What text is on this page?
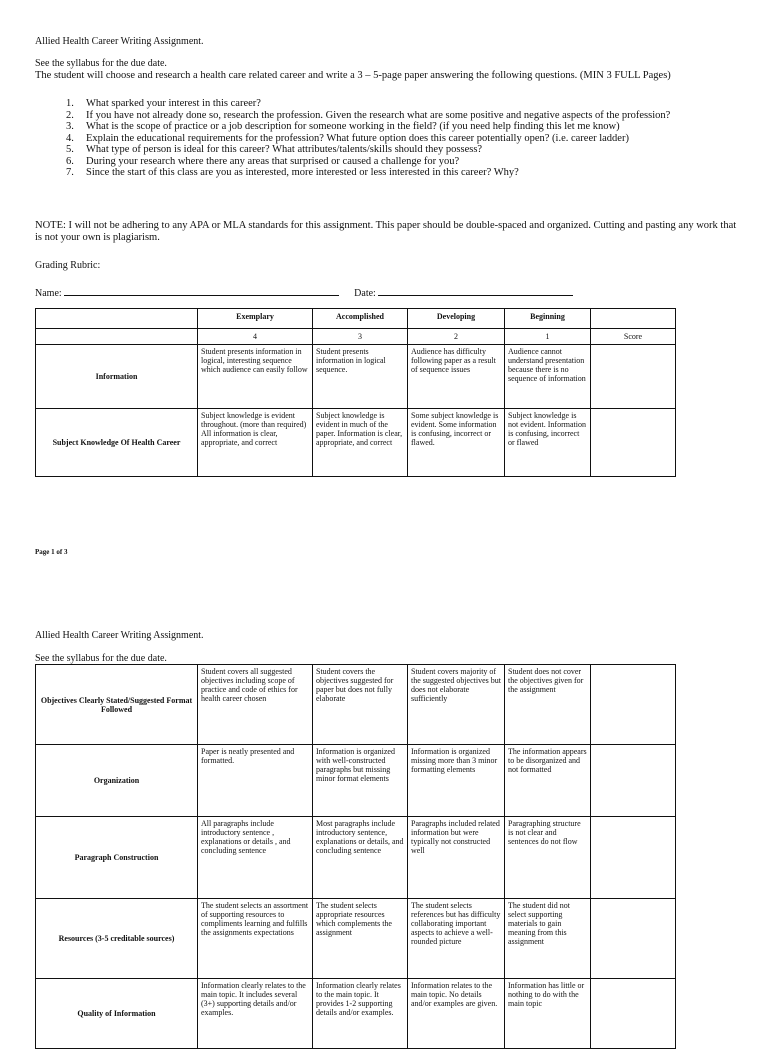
Allied Health Career Writing Assignment.
See the syllabus for the due date.
The student will choose and research a health care related career and write a 3 – 5-page paper answering the following questions. (MIN 3 FULL Pages)
1. What sparked your interest in this career?
2. If you have not already done so, research the profession. Given the research what are some positive and negative aspects of the profession?
3. What is the scope of practice or a job description for someone working in the field? (if you need help finding this let me know)
4. Explain the educational requirements for the profession? What future option does this career potentially open? (i.e. career ladder)
5. What type of person is ideal for this career? What attributes/talents/skills should they possess?
6. During your research where there any areas that surprised or caused a challenge for you?
7. Since the start of this class are you as interested, more interested or less interested in this career? Why?
NOTE: I will not be adhering to any APA or MLA standards for this assignment. This paper should be double-spaced and organized. Cutting and pasting any work that is not your own is plagiarism.
Grading Rubric:
Name:	Date:
	Exemplary	Accomplished	Developing	Beginning	
	4	3	2	1	Score
Information	Student presents information in logical, interesting sequence which audience can easily follow	Student presents information in logical sequence.	Audience has difficulty following paper as a result of sequence issues	Audience cannot understand presentation because there is no sequence of information	
Subject Knowledge Of Health Career	Subject knowledge is evident throughout. (more than required) All information is clear, appropriate, and correct	Subject knowledge is evident in much of the paper. Information is clear, appropriate, and correct	Some subject knowledge is evident. Some information is confusing, incorrect or flawed.	Subject knowledge is not evident. Information is confusing, incorrect or flawed	
Page 1 of 3
Allied Health Career Writing Assignment.
See the syllabus for the due date.
Objectives Clearly Stated/Suggested Format Followed	Student covers all suggested objectives including scope of practice and code of ethics for health career chosen	Student covers the objectives suggested for paper but does not fully elaborate	Student covers majority of the suggested objectives but does not elaborate sufficiently	Student does not cover the objectives given for the assignment	
Organization	Paper is neatly presented and formatted.	Information is organized with well-constructed paragraphs but missing minor format elements	Information is organized missing more than 3 minor formatting elements	The information appears to be disorganized and not formatted	
Paragraph Construction	All paragraphs include introductory sentence , explanations or details , and concluding sentence	Most paragraphs include introductory sentence, explanations or details, and concluding sentence	Paragraphs included related information but were typically not constructed well	Paragraphing structure is not clear and sentences do not flow	
Resources (3-5 creditable sources)	The student selects an assortment of supporting resources to compliments learning and fulfills the assignments expectations	The student selects appropriate resources which complements the assignment	The student selects references but has difficulty collaborating important aspects to achieve a well-rounded picture	The student did not select supporting materials to gain meaning from this assignment	
Quality of Information	Information clearly relates to the main topic. It includes several (3+) supporting details and/or examples.	Information clearly relates to the main topic. It provides 1-2 supporting details and/or examples.	Information relates to the main topic. No details and/or examples are given.	Information has little or nothing to do with the main topic	
